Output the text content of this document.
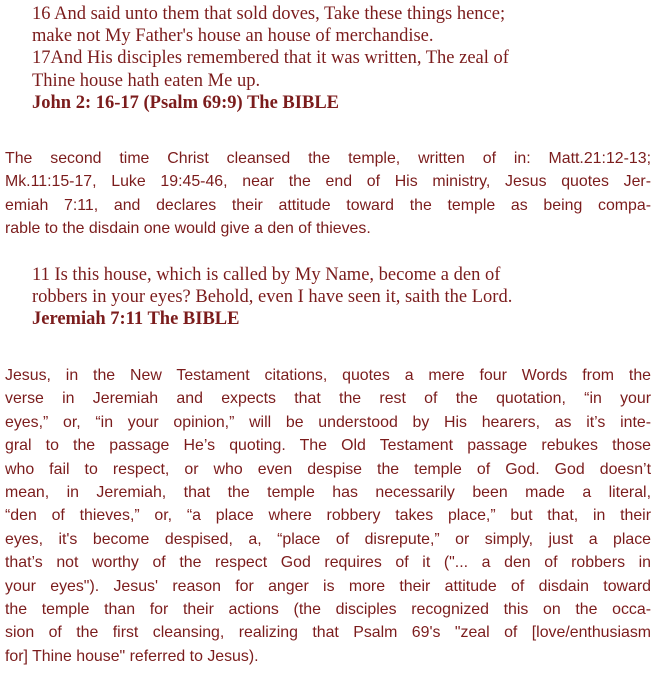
16 And said unto them that sold doves, Take these things hence;
make not My Father's house an house of merchandise.
17And His disciples remembered that it was written, The zeal of
Thine house hath eaten Me up.
John 2: 16-17 (Psalm 69:9) The BIBLE
The second time Christ cleansed the temple, written of in: Matt.21:12-13;
Mk.11:15-17, Luke 19:45-46, near the end of His ministry, Jesus quotes Jer-
emiah 7:11, and declares their attitude toward the temple as being compa-
rable to the disdain one would give a den of thieves.
11 Is this house, which is called by My Name, become a den of
robbers in your eyes? Behold, even I have seen it, saith the Lord.
Jeremiah 7:11 The BIBLE
Jesus, in the New Testament citations, quotes a mere four Words from the
verse in Jeremiah and expects that the rest of the quotation, “in your
eyes,” or, “in your opinion,” will be understood by His hearers, as it’s inte-
gral to the passage He’s quoting. The Old Testament passage rebukes those
who fail to respect, or who even despise the temple of God. God doesn’t
mean, in Jeremiah, that the temple has necessarily been made a literal,
“den of thieves,” or, “a place where robbery takes place,” but that, in their
eyes, it's become despised, a, “place of disrepute,” or simply, just a place
that’s not worthy of the respect God requires of it ("... a den of robbers in
your eyes"). Jesus' reason for anger is more their attitude of disdain toward
the temple than for their actions (the disciples recognized this on the occa-
sion of the first cleansing, realizing that Psalm 69's "zeal of [love/enthusiasm
for] Thine house" referred to Jesus).
